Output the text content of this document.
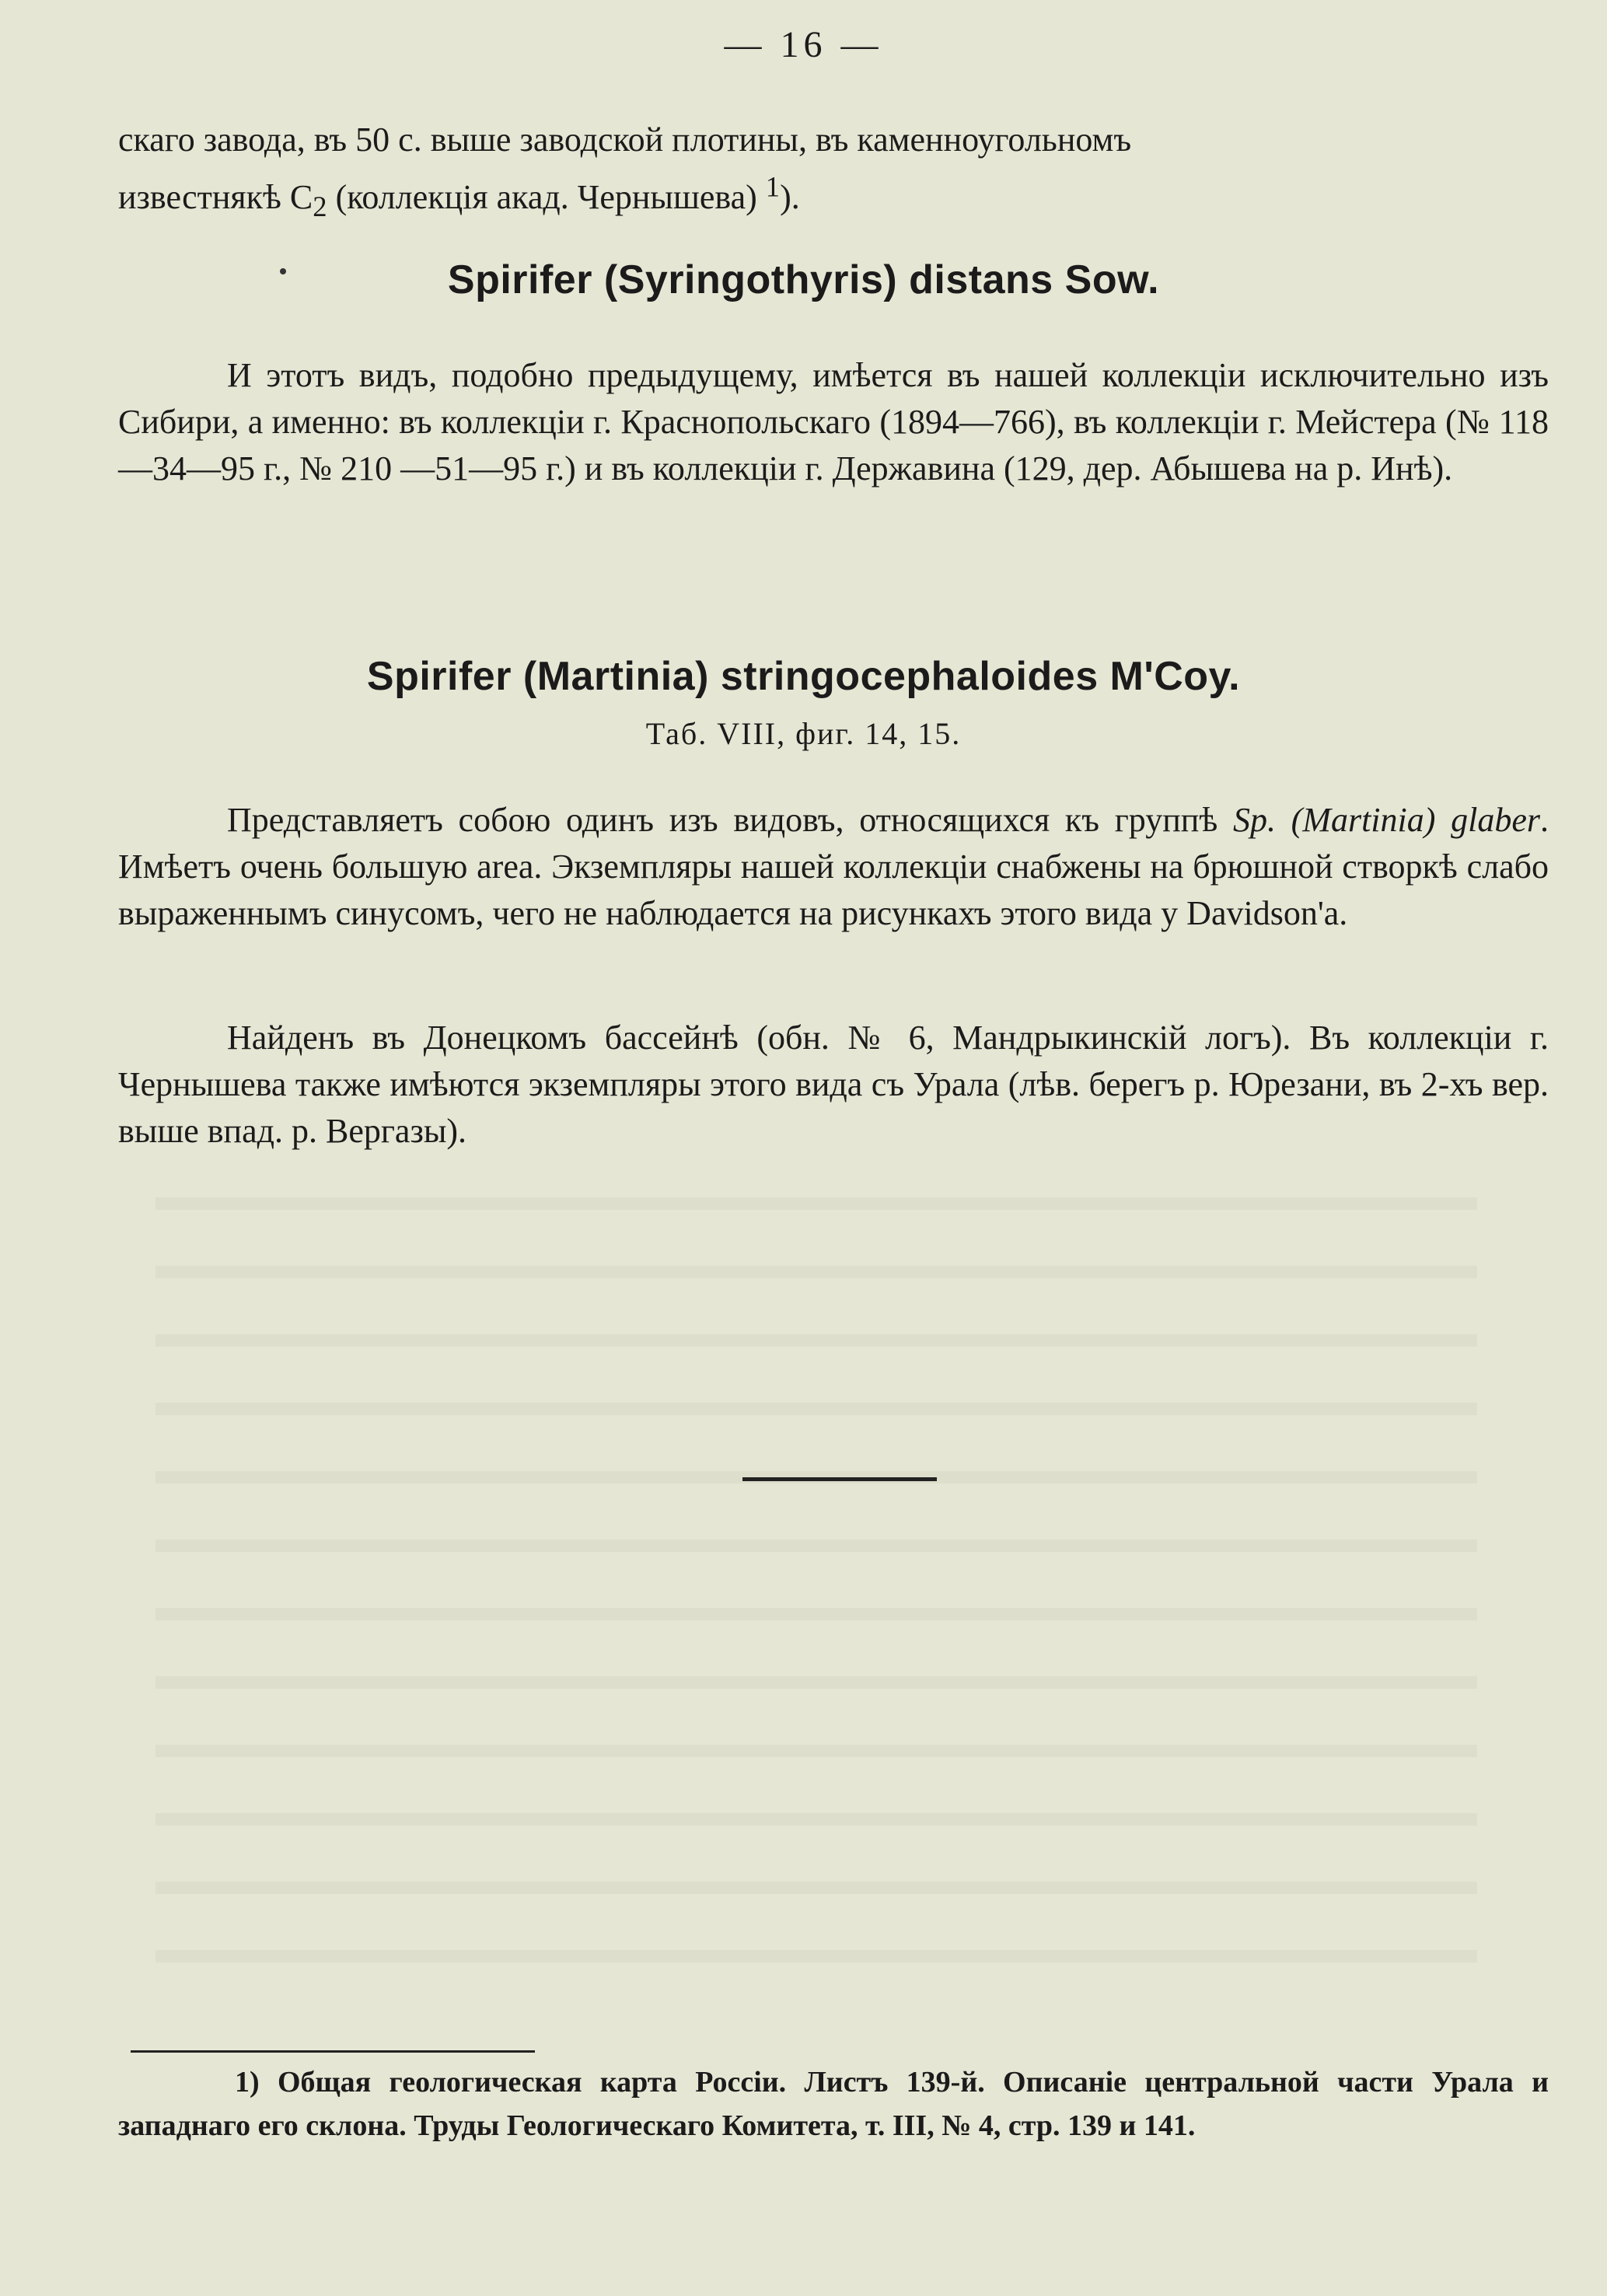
— 16 —
скаго завода, въ 50 с. выше заводской плотины, въ каменноугольномъ
известнякѣ $C_2$ (коллекція акад. Чернышева) $^1$).
Spirifer (Syringothyris) distans Sow.
И этотъ видъ, подобно предыдущему, имѣется въ нашей коллекціи исключительно изъ Сибири, а именно: въ коллекціи г. Краснопольскаго (1894—766), въ коллекціи г. Мейстера (№ 118—34—95 г., № 210 —51—95 г.) и въ коллекціи г. Державина (129, дер. Абышева на р. Инѣ).
Spirifer (Martinia) stringocephaloides M'Coy.
Таб. VIII, фиг. 14, 15.
Представляетъ собою одинъ изъ видовъ, относящихся къ группѣ Sp. (Martinia) glaber. Имѣетъ очень большую area. Экземпляры нашей коллекціи снабжены на брюшной створкѣ слабо выраженнымъ синусомъ, чего не наблюдается на рисункахъ этого вида у Davidson'a.
Найденъ въ Донецкомъ бассейнѣ (обн. № 6, Мандрыкинскій логъ). Въ коллекціи г. Чернышева также имѣются экземпляры этого вида съ Урала (лѣв. берегъ р. Юрезани, въ 2-хъ вер. выше впад. р. Вергазы).
1) Общая геологическая карта Россіи. Листъ 139-й. Описаніе центральной части Урала и западнаго его склона. Труды Геологическаго Комитета, т. III, № 4, стр. 139 и 141.
